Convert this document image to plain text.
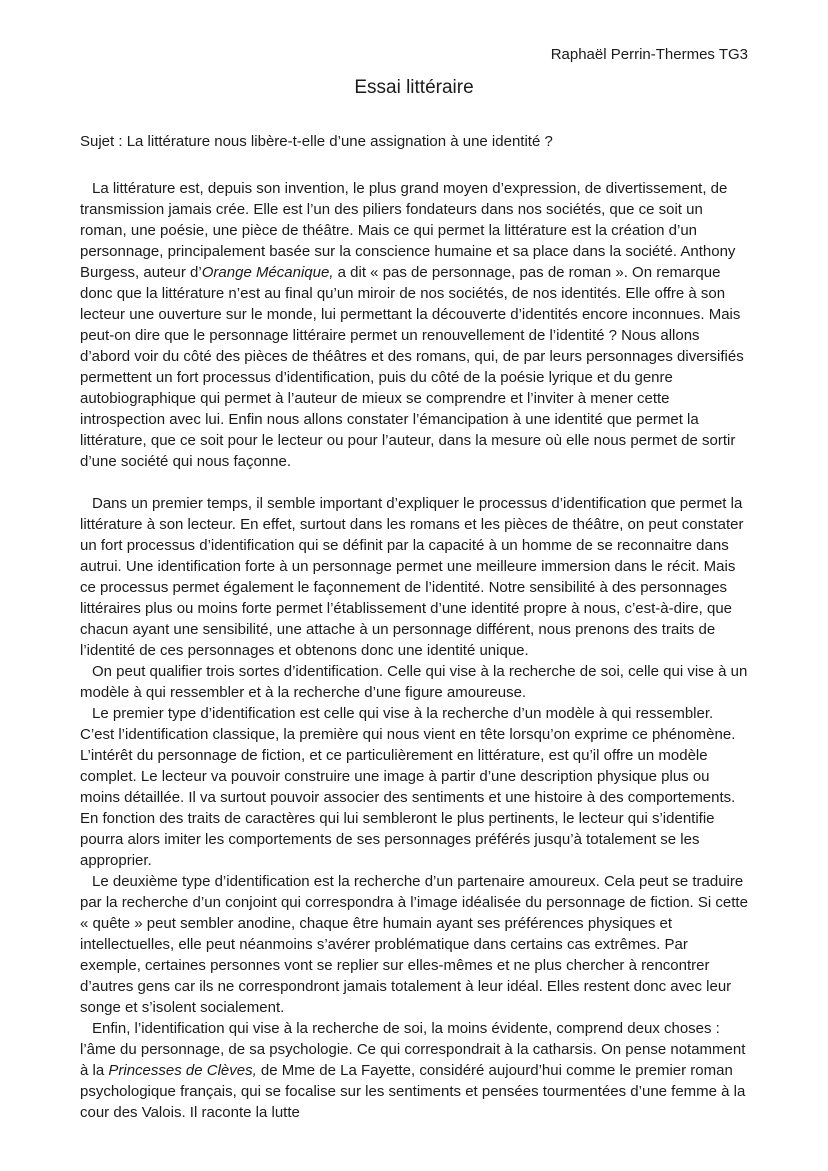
Raphaël Perrin-Thermes TG3
Essai littéraire

Sujet : La littérature nous libère-t-elle d’une assignation à une identité ?

La littérature est, depuis son invention, le plus grand moyen d’expression, de divertissement, de transmission jamais crée. Elle est l’un des piliers fondateurs dans nos sociétés, que ce soit un roman, une poésie, une pièce de théâtre. Mais ce qui permet la littérature est la création d’un personnage, principalement basée sur la conscience humaine et sa place dans la société. Anthony Burgess, auteur d’Orange Mécanique, a dit « pas de personnage, pas de roman ». On remarque donc que la littérature n’est au final qu’un miroir de nos sociétés, de nos identités. Elle offre à son lecteur une ouverture sur le monde, lui permettant la découverte d’identités encore inconnues. Mais peut-on dire que le personnage littéraire permet un renouvellement de l’identité ? Nous allons d’abord voir du côté des pièces de théâtres et des romans, qui, de par leurs personnages diversifiés permettent un fort processus d’identification, puis du côté de la poésie lyrique et du genre autobiographique qui permet à l’auteur de mieux se comprendre et l’inviter à mener cette introspection avec lui. Enfin nous allons constater l’émancipation à une identité que permet la littérature, que ce soit pour le lecteur ou pour l’auteur, dans la mesure où elle nous permet de sortir d’une société qui nous façonne.

Dans un premier temps, il semble important d’expliquer le processus d’identification que permet la littérature à son lecteur. En effet, surtout dans les romans et les pièces de théâtre, on peut constater un fort processus d’identification qui se définit par la capacité à un homme de se reconnaitre dans autrui. Une identification forte à un personnage permet une meilleure immersion dans le récit. Mais ce processus permet également le façonnement de l’identité. Notre sensibilité à des personnages littéraires plus ou moins forte permet l’établissement d’une identité propre à nous, c’est-à-dire, que chacun ayant une sensibilité, une attache à un personnage différent, nous prenons des traits de l’identité de ces personnages et obtenons donc une identité unique.

On peut qualifier trois sortes d’identification. Celle qui vise à la recherche de soi, celle qui vise à un modèle à qui ressembler et à la recherche d’une figure amoureuse.

Le premier type d’identification est celle qui vise à la recherche d’un modèle à qui ressembler. C’est l’identification classique, la première qui nous vient en tête lorsqu’on exprime ce phénomène. L’intérêt du personnage de fiction, et ce particulièrement en littérature, est qu’il offre un modèle complet. Le lecteur va pouvoir construire une image à partir d’une description physique plus ou moins détaillée. Il va surtout pouvoir associer des sentiments et une histoire à des comportements. En fonction des traits de caractères qui lui sembleront le plus pertinents, le lecteur qui s’identifie pourra alors imiter les comportements de ses personnages préférés jusqu’à totalement se les approprier.

Le deuxième type d’identification est la recherche d’un partenaire amoureux. Cela peut se traduire par la recherche d’un conjoint qui correspondra à l’image idéalisée du personnage de fiction. Si cette « quête » peut sembler anodine, chaque être humain ayant ses préférences physiques et intellectuelles, elle peut néanmoins s’avérer problématique dans certains cas extrêmes. Par exemple, certaines personnes vont se replier sur elles-mêmes et ne plus chercher à rencontrer d’autres gens car ils ne correspondront jamais totalement à leur idéal. Elles restent donc avec leur songe et s’isolent socialement.

Enfin, l’identification qui vise à la recherche de soi, la moins évidente, comprend deux choses : l’âme du personnage, de sa psychologie. Ce qui correspondrait à la catharsis. On pense notamment à la Princesses de Clèves, de Mme de La Fayette, considéré aujourd’hui comme le premier roman psychologique français, qui se focalise sur les sentiments et pensées tourmentées d’une femme à la cour des Valois. Il raconte la lutte
